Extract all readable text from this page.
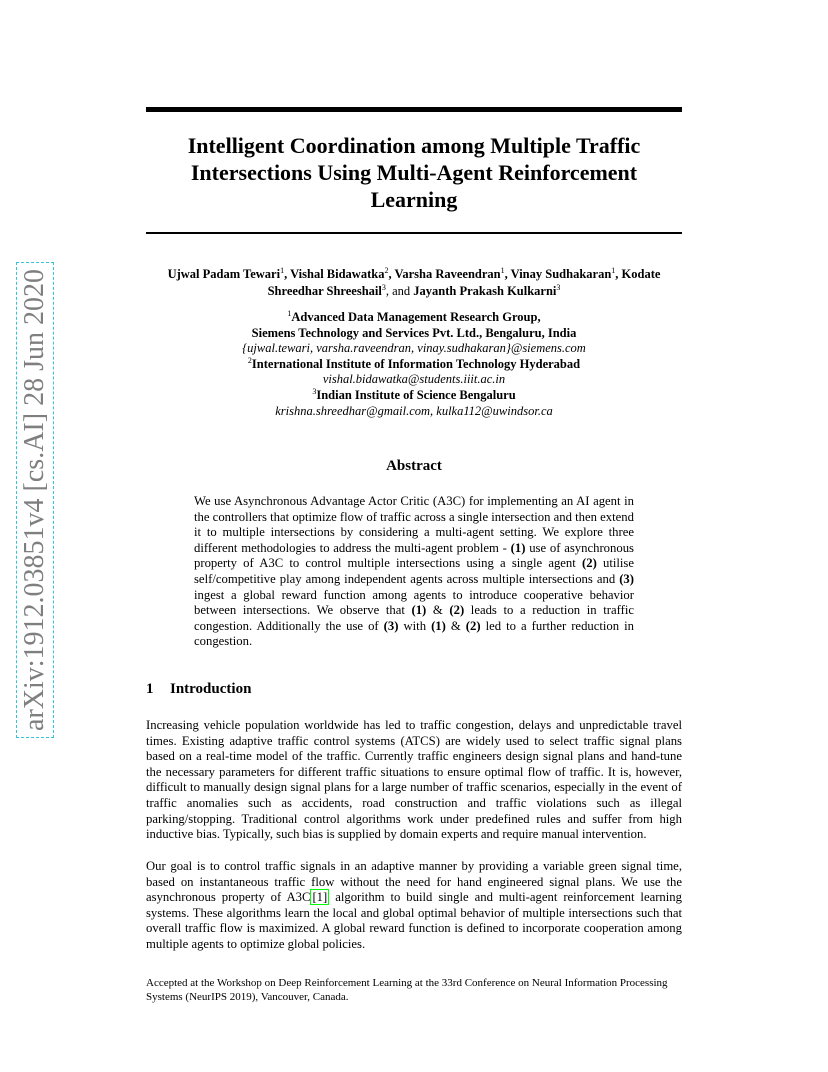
arXiv:1912.03851v4 [cs.AI] 28 Jun 2020
Intelligent Coordination among Multiple Traffic Intersections Using Multi-Agent Reinforcement Learning
Ujwal Padam Tewari$^1$, Vishal Bidawatka$^2$, Varsha Raveendran$^1$, Vinay Sudhakaran$^1$, Kodate Shreedhar Shreeshail$^3$, and Jayanth Prakash Kulkarni$^3$
$^1$Advanced Data Management Research Group,
Siemens Technology and Services Pvt. Ltd., Bengaluru, India
{ujwal.tewari, varsha.raveendran, vinay.sudhakaran}@siemens.com
$^2$International Institute of Information Technology Hyderabad
vishal.bidawatka@students.iiit.ac.in
$^3$Indian Institute of Science Bengaluru
krishna.shreedhar@gmail.com, kulka112@uwindsor.ca
Abstract
We use Asynchronous Advantage Actor Critic (A3C) for implementing an AI agent in the controllers that optimize flow of traffic across a single intersection and then extend it to multiple intersections by considering a multi-agent setting. We explore three different methodologies to address the multi-agent problem - (1) use of asynchronous property of A3C to control multiple intersections using a single agent (2) utilise self/competitive play among independent agents across multiple intersections and (3) ingest a global reward function among agents to introduce cooperative behavior between intersections. We observe that (1) & (2) leads to a reduction in traffic congestion. Additionally the use of (3) with (1) & (2) led to a further reduction in congestion.
1 Introduction
Increasing vehicle population worldwide has led to traffic congestion, delays and unpredictable travel times. Existing adaptive traffic control systems (ATCS) are widely used to select traffic signal plans based on a real-time model of the traffic. Currently traffic engineers design signal plans and hand-tune the necessary parameters for different traffic situations to ensure optimal flow of traffic. It is, however, difficult to manually design signal plans for a large number of traffic scenarios, especially in the event of traffic anomalies such as accidents, road construction and traffic violations such as illegal parking/stopping. Traditional control algorithms work under predefined rules and suffer from high inductive bias. Typically, such bias is supplied by domain experts and require manual intervention.
Our goal is to control traffic signals in an adaptive manner by providing a variable green signal time, based on instantaneous traffic flow without the need for hand engineered signal plans. We use the asynchronous property of A3C [1] algorithm to build single and multi-agent reinforcement learning systems. These algorithms learn the local and global optimal behavior of multiple intersections such that overall traffic flow is maximized. A global reward function is defined to incorporate cooperation among multiple agents to optimize global policies.
Accepted at the Workshop on Deep Reinforcement Learning at the 33rd Conference on Neural Information Processing Systems (NeurIPS 2019), Vancouver, Canada.
